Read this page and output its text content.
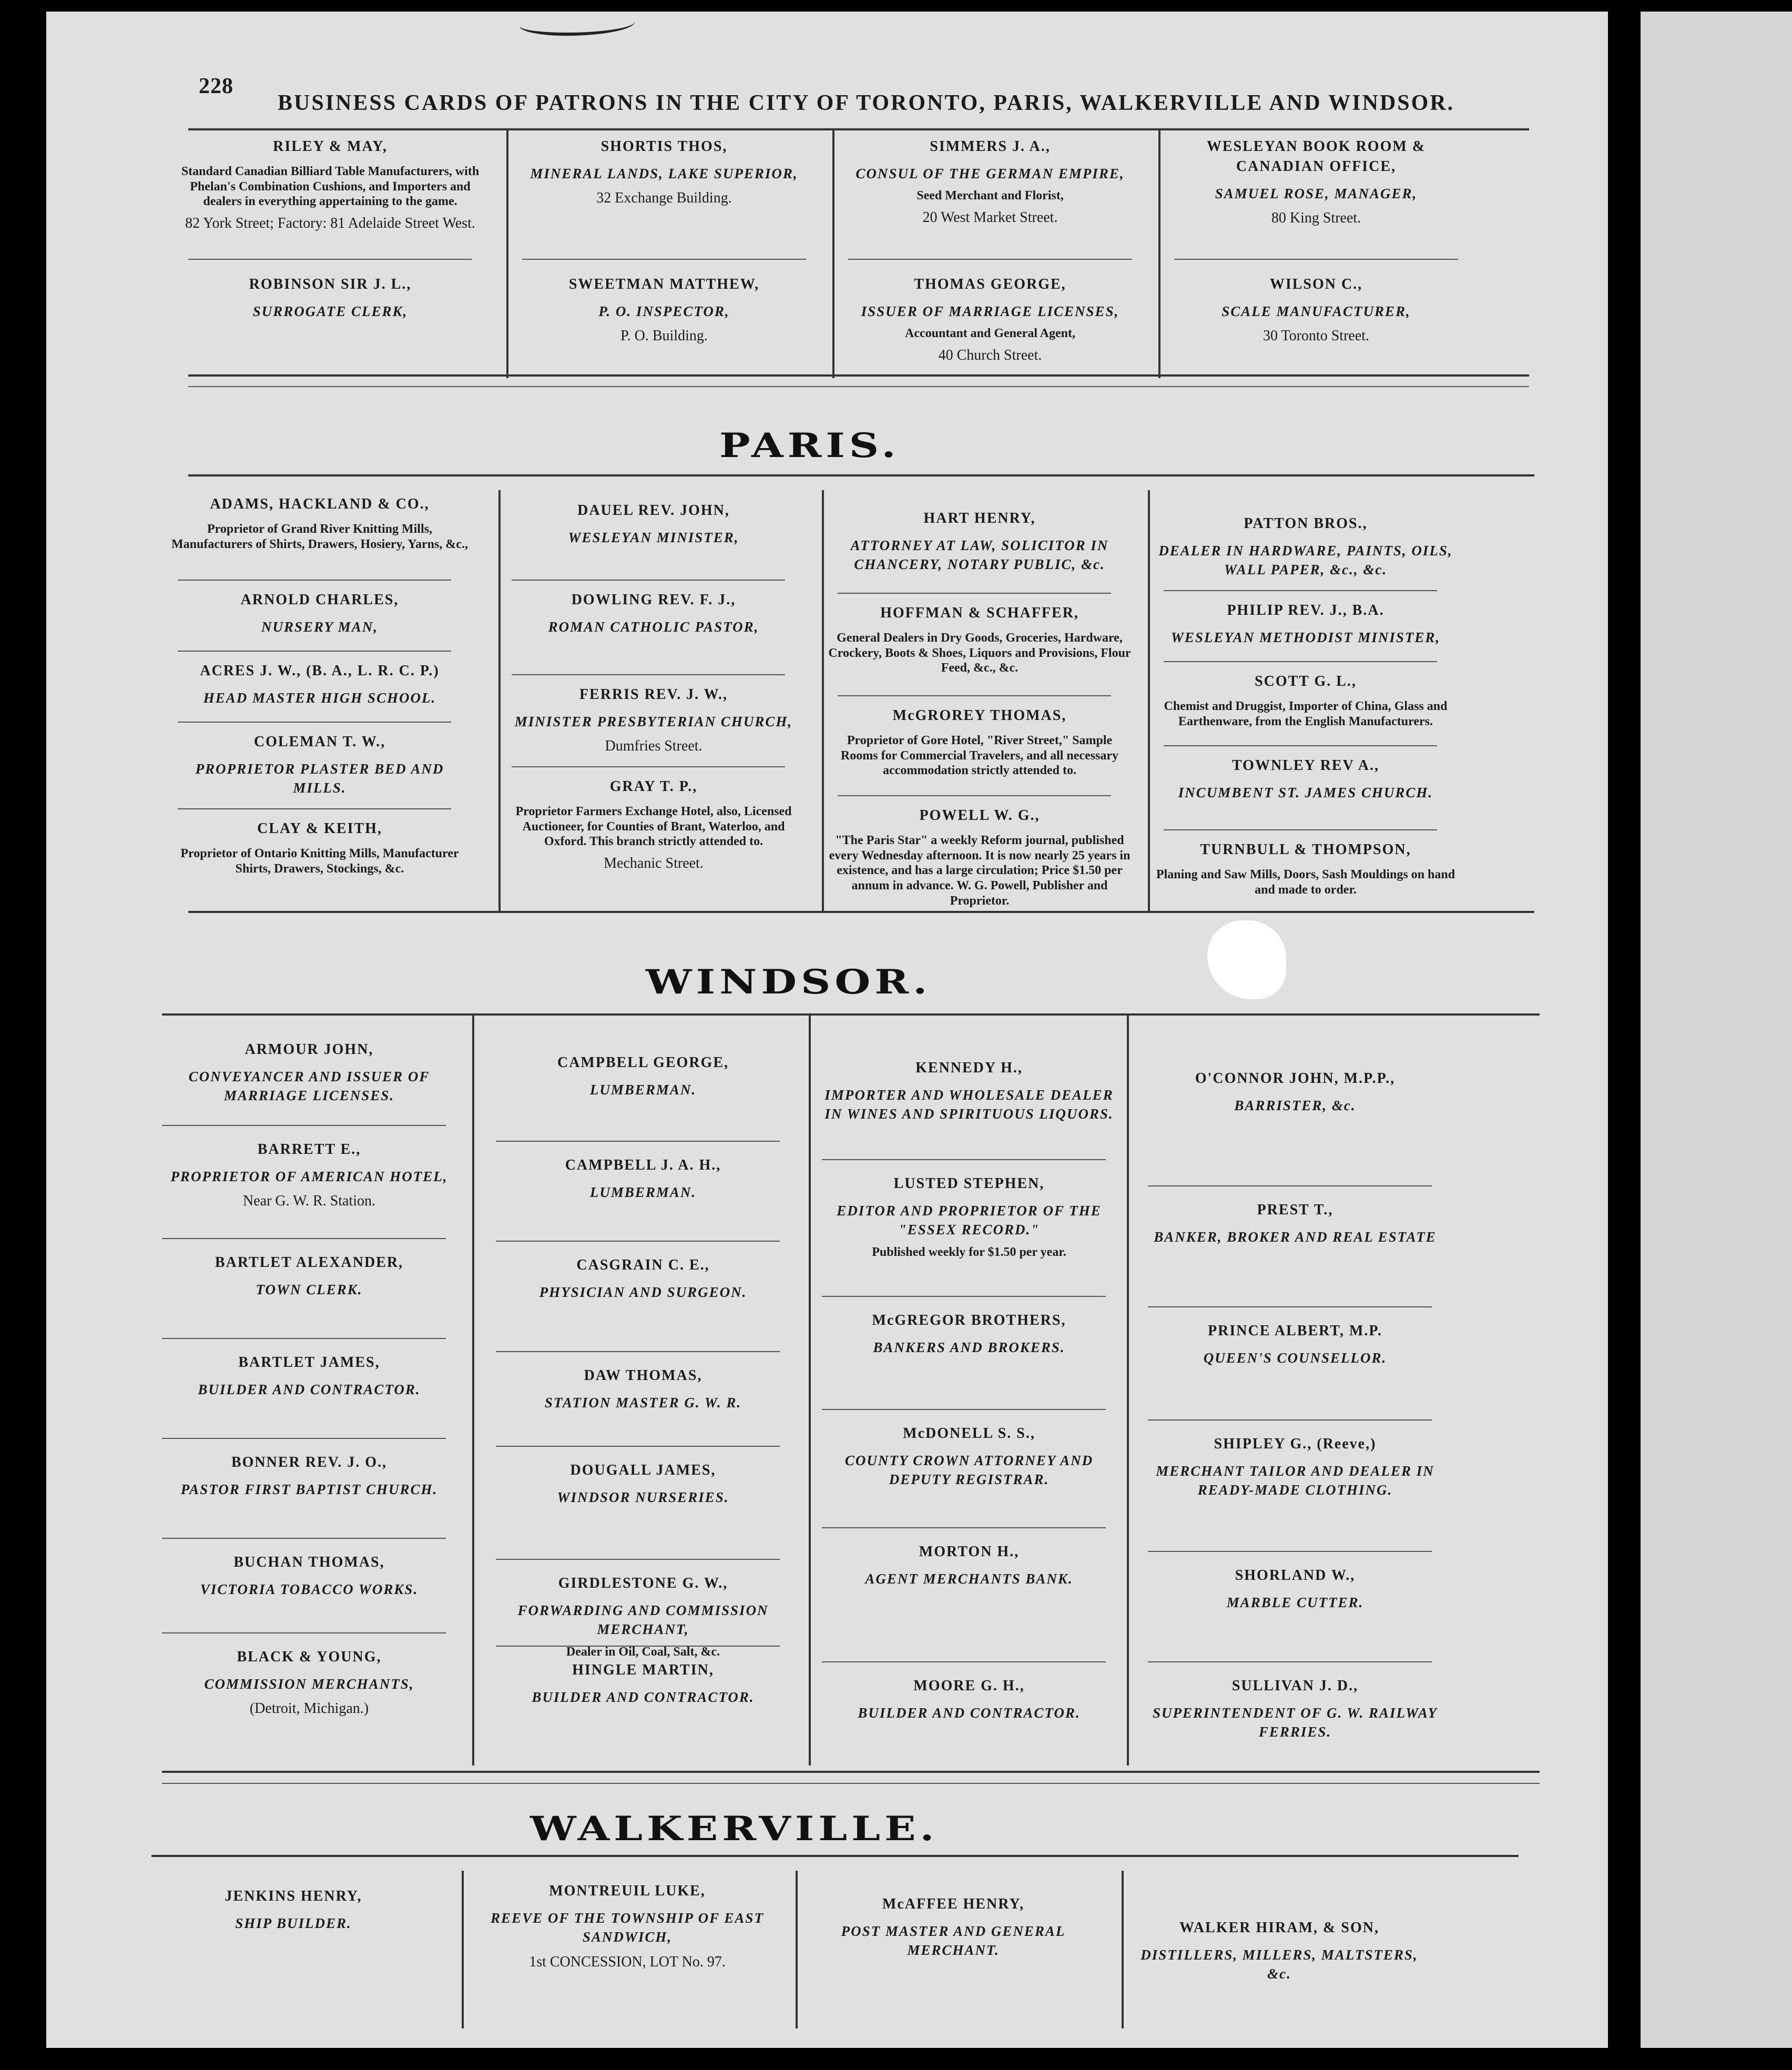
228
BUSINESS CARDS OF PATRONS IN THE CITY OF TORONTO, PARIS, WALKERVILLE AND WINDSOR.
RILEY & MAY,
Standard Canadian Billiard Table Manufacturers, with Phelan's Combination Cushions, and Importers and dealers in everything appertaining to the game.
82 York Street; Factory: 81 Adelaide Street West.
ROBINSON SIR J. L.,
SURROGATE CLERK,
SHORTIS THOS,
MINERAL LANDS, LAKE SUPERIOR,
32 Exchange Building.
SWEETMAN MATTHEW,
P. O. INSPECTOR,
P. O. Building.
SIMMERS J. A.,
CONSUL OF THE GERMAN EMPIRE,
Seed Merchant and Florist,
20 West Market Street.
THOMAS GEORGE,
ISSUER OF MARRIAGE LICENSES,
Accountant and General Agent,
40 Church Street.
WESLEYAN BOOK ROOM & CANADIAN OFFICE,
SAMUEL ROSE, MANAGER,
80 King Street.
WILSON C.,
SCALE MANUFACTURER,
30 Toronto Street.
PARIS.
ADAMS, HACKLAND & CO.,
Proprietor of Grand River Knitting Mills, Manufacturers of Shirts, Drawers, Hosiery, Yarns, &c.,
ARNOLD CHARLES,
NURSERY MAN,
ACRES J. W., (B. A., L. R. C. P.)
HEAD MASTER HIGH SCHOOL.
COLEMAN T. W.,
PROPRIETOR PLASTER BED AND MILLS.
CLAY & KEITH,
Proprietor of Ontario Knitting Mills, Manufacturer Shirts, Drawers, Stockings, &c.
DAUEL REV. JOHN,
WESLEYAN MINISTER,
DOWLING REV. F. J.,
ROMAN CATHOLIC PASTOR,
FERRIS REV. J. W.,
MINISTER PRESBYTERIAN CHURCH,
Dumfries Street.
GRAY T. P.,
Proprietor Farmers Exchange Hotel, also, Licensed Auctioneer, for Counties of Brant, Waterloo, and Oxford. This branch strictly attended to.
Mechanic Street.
HART HENRY,
ATTORNEY AT LAW, SOLICITOR IN CHANCERY, NOTARY PUBLIC, &c.
HOFFMAN & SCHAFFER,
General Dealers in Dry Goods, Groceries, Hardware, Crockery, Boots & Shoes, Liquors and Provisions, Flour Feed, &c., &c.
McGROREY THOMAS,
Proprietor of Gore Hotel, "River Street," Sample Rooms for Commercial Travelers, and all necessary accommodation strictly attended to.
POWELL W. G.,
"The Paris Star" a weekly Reform journal, published every Wednesday afternoon. It is now nearly 25 years in existence, and has a large circulation; Price $1.50 per annum in advance. W. G. Powell, Publisher and Proprietor.
PATTON BROS.,
DEALER IN HARDWARE, PAINTS, OILS, WALL PAPER, &c., &c.
PHILIP REV. J., B.A.
WESLEYAN METHODIST MINISTER,
SCOTT G. L.,
Chemist and Druggist, Importer of China, Glass and Earthenware, from the English Manufacturers.
TOWNLEY REV A.,
INCUMBENT ST. JAMES CHURCH.
TURNBULL & THOMPSON,
Planing and Saw Mills, Doors, Sash Mouldings on hand and made to order.
WINDSOR.
ARMOUR JOHN,
CONVEYANCER AND ISSUER OF MARRIAGE LICENSES.
BARRETT E.,
PROPRIETOR OF AMERICAN HOTEL,
Near G. W. R. Station.
BARTLET ALEXANDER,
TOWN CLERK.
BARTLET JAMES,
BUILDER AND CONTRACTOR.
BONNER REV. J. O.,
PASTOR FIRST BAPTIST CHURCH.
BUCHAN THOMAS,
VICTORIA TOBACCO WORKS.
BLACK & YOUNG,
COMMISSION MERCHANTS,
(Detroit, Michigan.)
CAMPBELL GEORGE,
LUMBERMAN.
CAMPBELL J. A. H.,
LUMBERMAN.
CASGRAIN C. E.,
PHYSICIAN AND SURGEON.
DAW THOMAS,
STATION MASTER G. W. R.
DOUGALL JAMES,
WINDSOR NURSERIES.
GIRDLESTONE G. W.,
FORWARDING AND COMMISSION MERCHANT,
Dealer in Oil, Coal, Salt, &c.
HINGLE MARTIN,
BUILDER AND CONTRACTOR.
KENNEDY H.,
IMPORTER AND WHOLESALE DEALER IN WINES AND SPIRITUOUS LIQUORS.
LUSTED STEPHEN,
EDITOR AND PROPRIETOR OF THE "ESSEX RECORD."
Published weekly for $1.50 per year.
McGREGOR BROTHERS,
BANKERS AND BROKERS.
McDONELL S. S.,
COUNTY CROWN ATTORNEY AND DEPUTY REGISTRAR.
MORTON H.,
AGENT MERCHANTS BANK.
MOORE G. H.,
BUILDER AND CONTRACTOR.
O'CONNOR JOHN, M.P.P.,
BARRISTER, &c.
PREST T.,
BANKER, BROKER AND REAL ESTATE
PRINCE ALBERT, M.P.
QUEEN'S COUNSELLOR.
SHIPLEY G., (Reeve,)
MERCHANT TAILOR AND DEALER IN READY-MADE CLOTHING.
SHORLAND W.,
MARBLE CUTTER.
SULLIVAN J. D.,
SUPERINTENDENT OF G. W. RAILWAY FERRIES.
WALKERVILLE.
JENKINS HENRY,
SHIP BUILDER.
MONTREUIL LUKE,
REEVE OF THE TOWNSHIP OF EAST SANDWICH,
1st CONCESSION, LOT No. 97.
McAFFEE HENRY,
POST MASTER AND GENERAL MERCHANT.
WALKER HIRAM, & SON,
DISTILLERS, MILLERS, MALTSTERS, &c.
